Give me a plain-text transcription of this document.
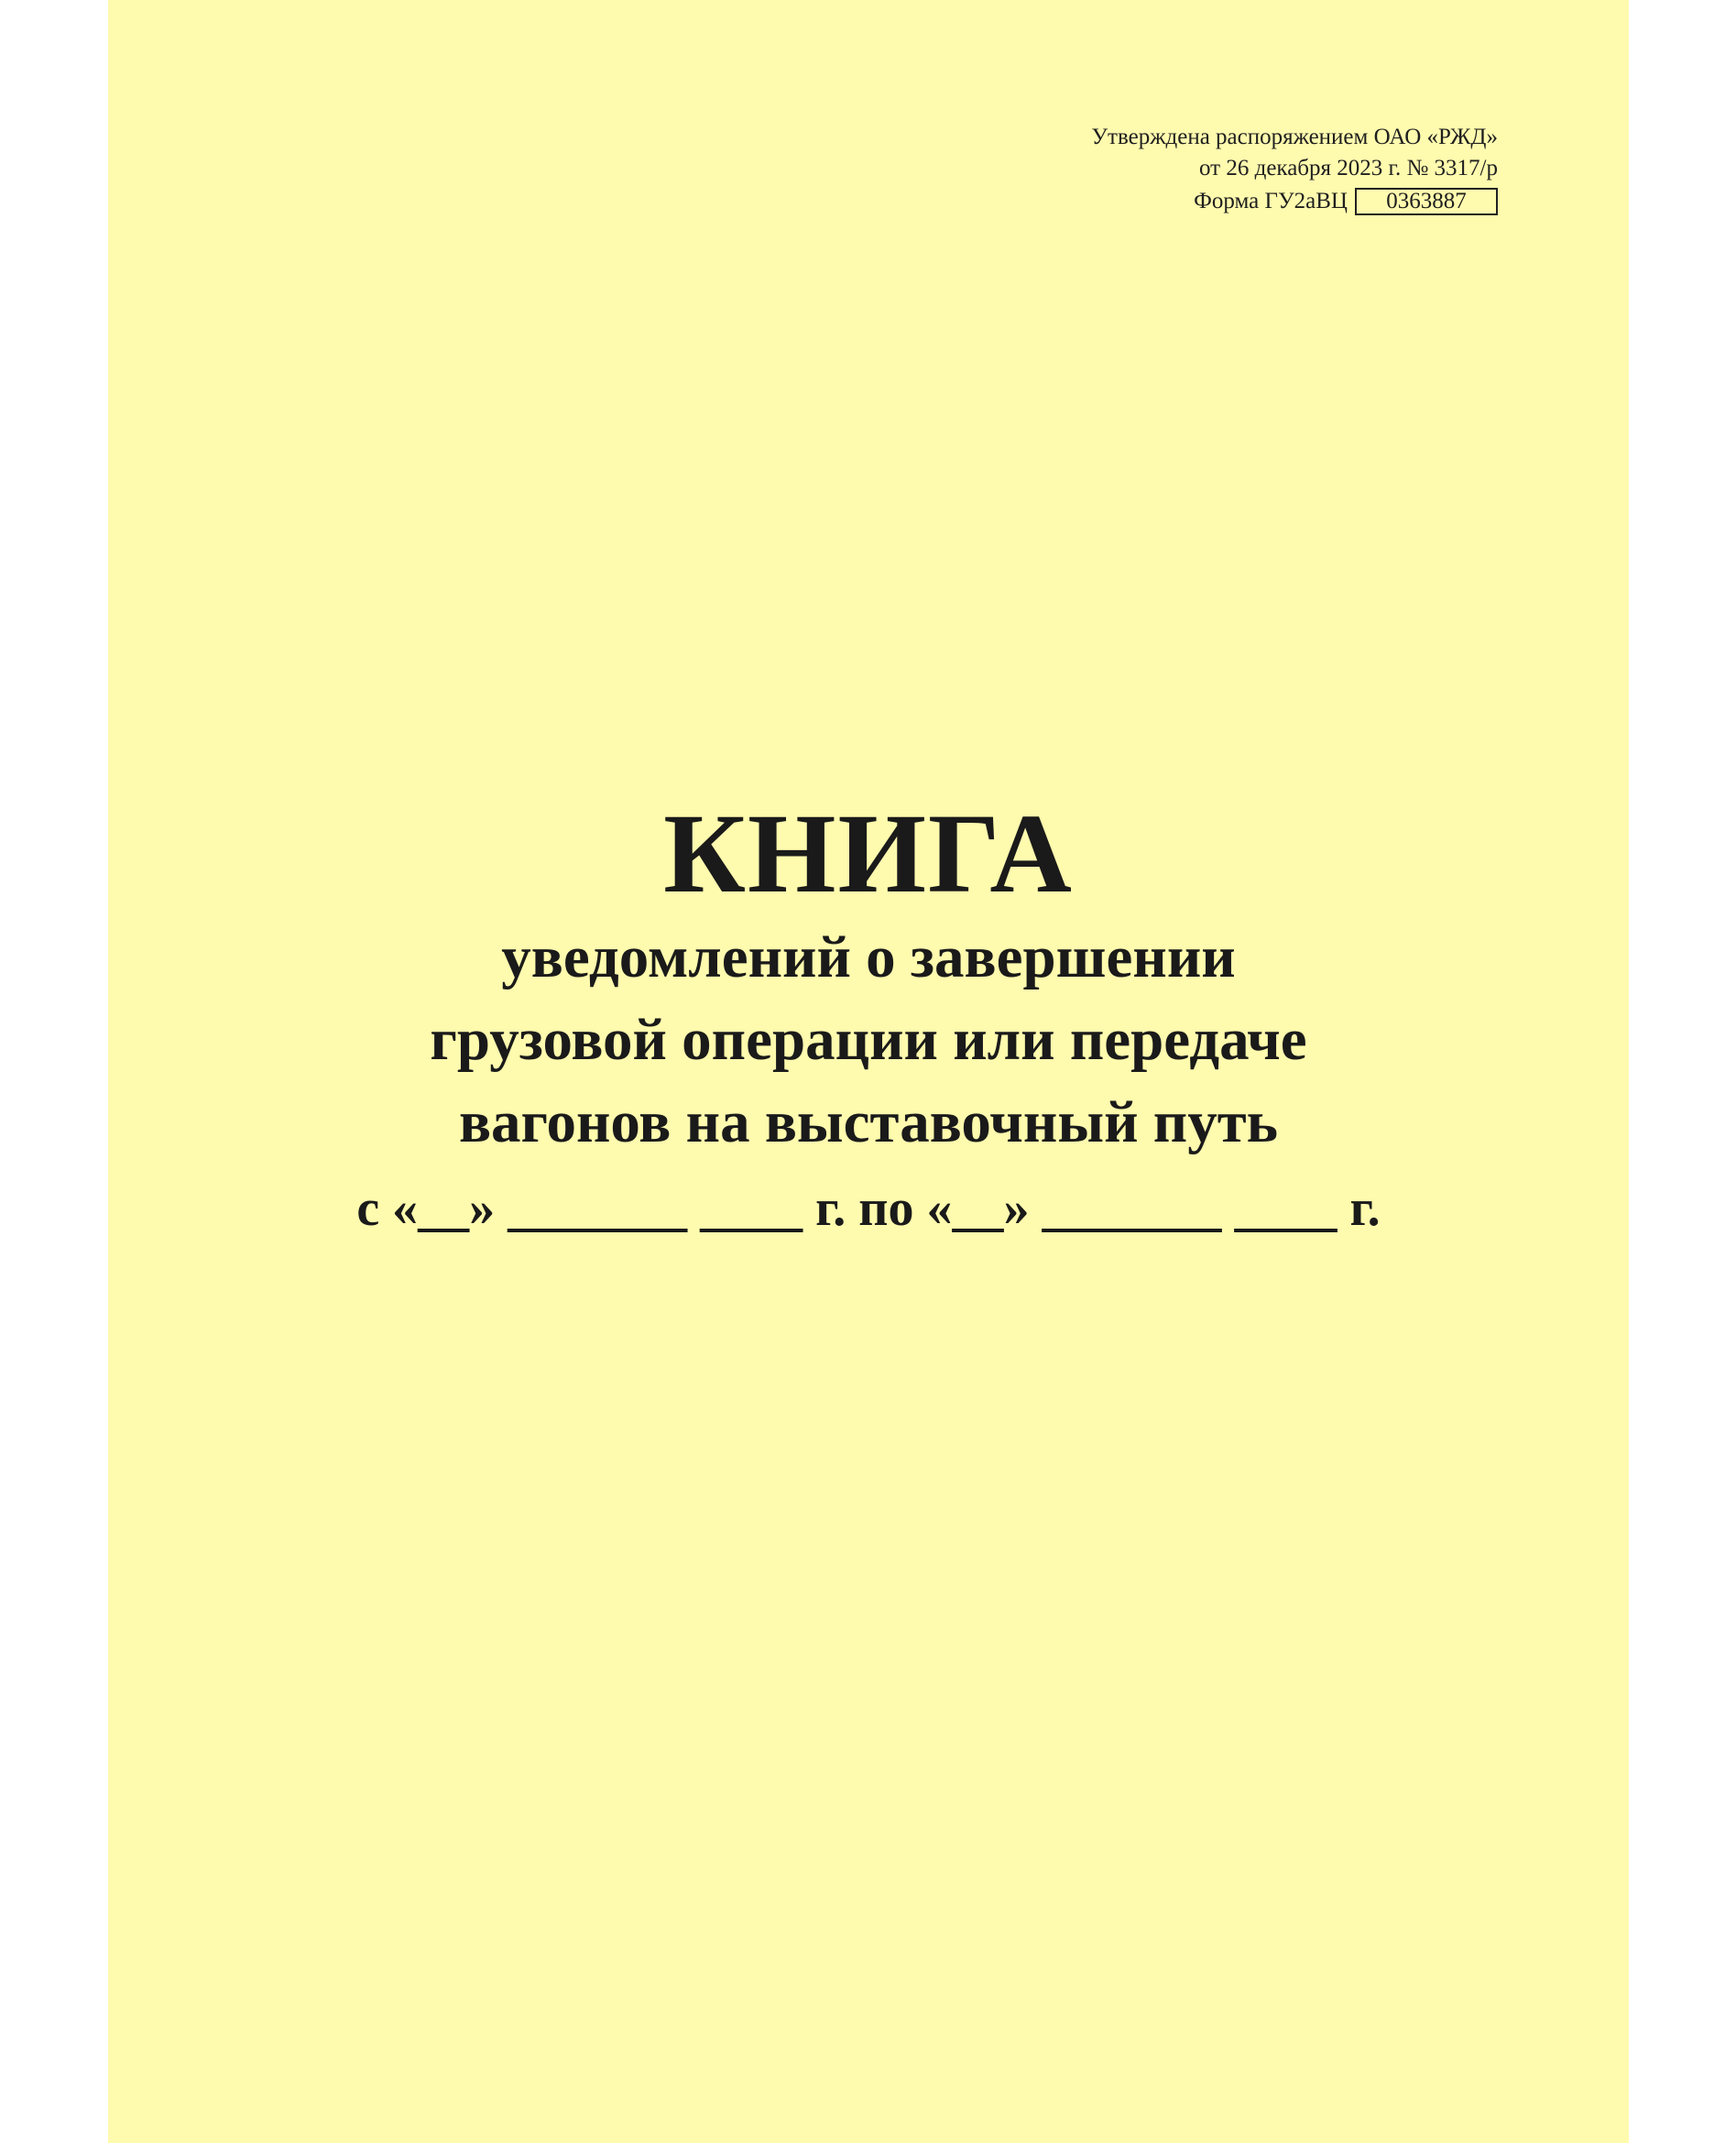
Утверждена распоряжением ОАО «РЖД»
от 26 декабря 2023 г. № 3317/р
Форма ГУ2аВЦ	0363887
КНИГА
уведомлений о завершении
грузовой операции или передаче
вагонов на выставочный путь
с «__» _______ ____ г. по «__» _______ ____ г.
